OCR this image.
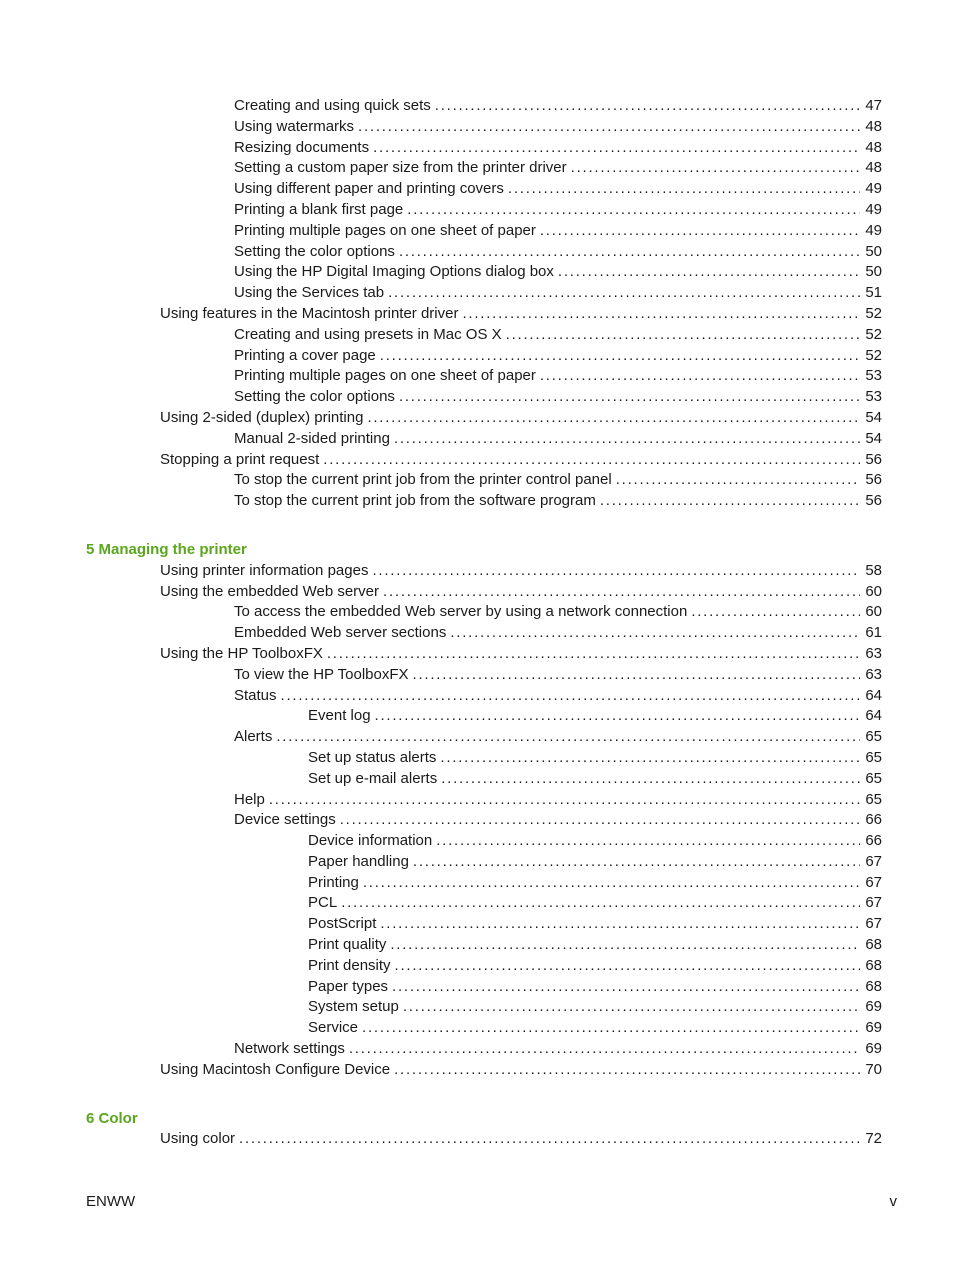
Creating and using quick sets . . .	47
Using watermarks . . .	48
Resizing documents . . .	48
Setting a custom paper size from the printer driver . . .	48
Using different paper and printing covers . . .	49
Printing a blank first page . . .	49
Printing multiple pages on one sheet of paper . . .	49
Setting the color options . . .	50
Using the HP Digital Imaging Options dialog box . . .	50
Using the Services tab . . .	51
Using features in the Macintosh printer driver . . .	52
Creating and using presets in Mac OS X . . .	52
Printing a cover page . . .	52
Printing multiple pages on one sheet of paper . . .	53
Setting the color options . . .	53
Using 2-sided (duplex) printing . . .	54
Manual 2-sided printing . . .	54
Stopping a print request . . .	56
To stop the current print job from the printer control panel . . .	56
To stop the current print job from the software program . . .	56
5 Managing the printer
Using printer information pages . . .	58
Using the embedded Web server . . .	60
To access the embedded Web server by using a network connection . . .	60
Embedded Web server sections . . .	61
Using the HP ToolboxFX . . .	63
To view the HP ToolboxFX . . .	63
Status . . .	64
Event log . . .	64
Alerts . . .	65
Set up status alerts . . .	65
Set up e-mail alerts . . .	65
Help . . .	65
Device settings . . .	66
Device information . . .	66
Paper handling . . .	67
Printing . . .	67
PCL . . .	67
PostScript . . .	67
Print quality . . .	68
Print density . . .	68
Paper types . . .	68
System setup . . .	69
Service . . .	69
Network settings . . .	69
Using Macintosh Configure Device . . .	70
6 Color
Using color . . .	72
ENWW	v
